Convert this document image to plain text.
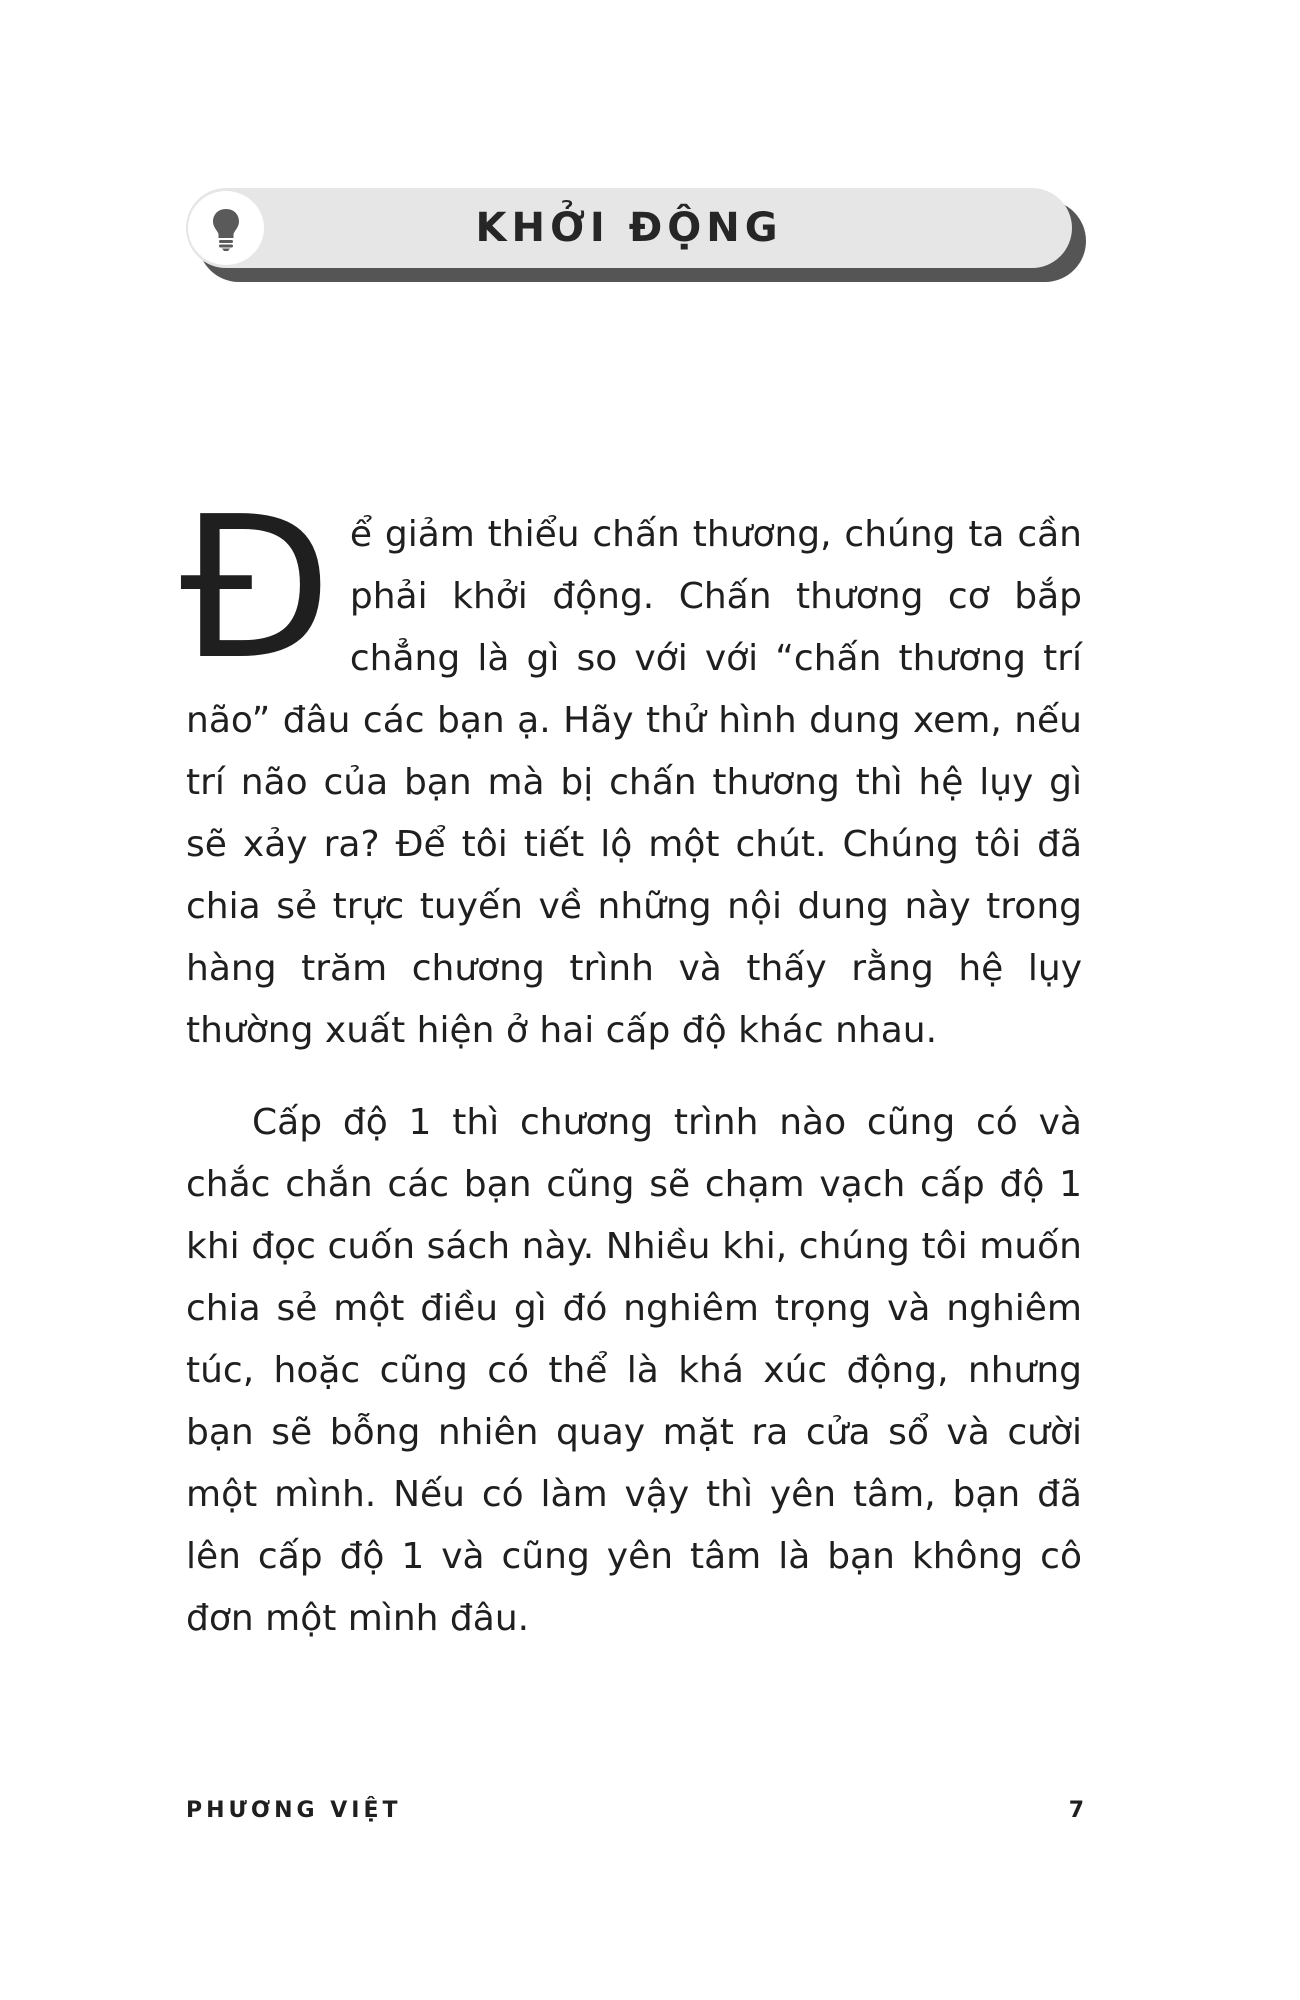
KHỞI ĐỘNG

Để giảm thiểu chấn thương, chúng ta cần phải khởi động. Chấn thương cơ bắp chẳng là gì so với với “chấn thương trí não” đâu các bạn ạ. Hãy thử hình dung xem, nếu trí não của bạn mà bị chấn thương thì hệ lụy gì sẽ xảy ra? Để tôi tiết lộ một chút. Chúng tôi đã chia sẻ trực tuyến về những nội dung này trong hàng trăm chương trình và thấy rằng hệ lụy thường xuất hiện ở hai cấp độ khác nhau.

Cấp độ 1 thì chương trình nào cũng có và chắc chắn các bạn cũng sẽ chạm vạch cấp độ 1 khi đọc cuốn sách này. Nhiều khi, chúng tôi muốn chia sẻ một điều gì đó nghiêm trọng và nghiêm túc, hoặc cũng có thể là khá xúc động, nhưng bạn sẽ bỗng nhiên quay mặt ra cửa sổ và cười một mình. Nếu có làm vậy thì yên tâm, bạn đã lên cấp độ 1 và cũng yên tâm là bạn không cô đơn một mình đâu.

PHƯƠNG VIỆT	7
